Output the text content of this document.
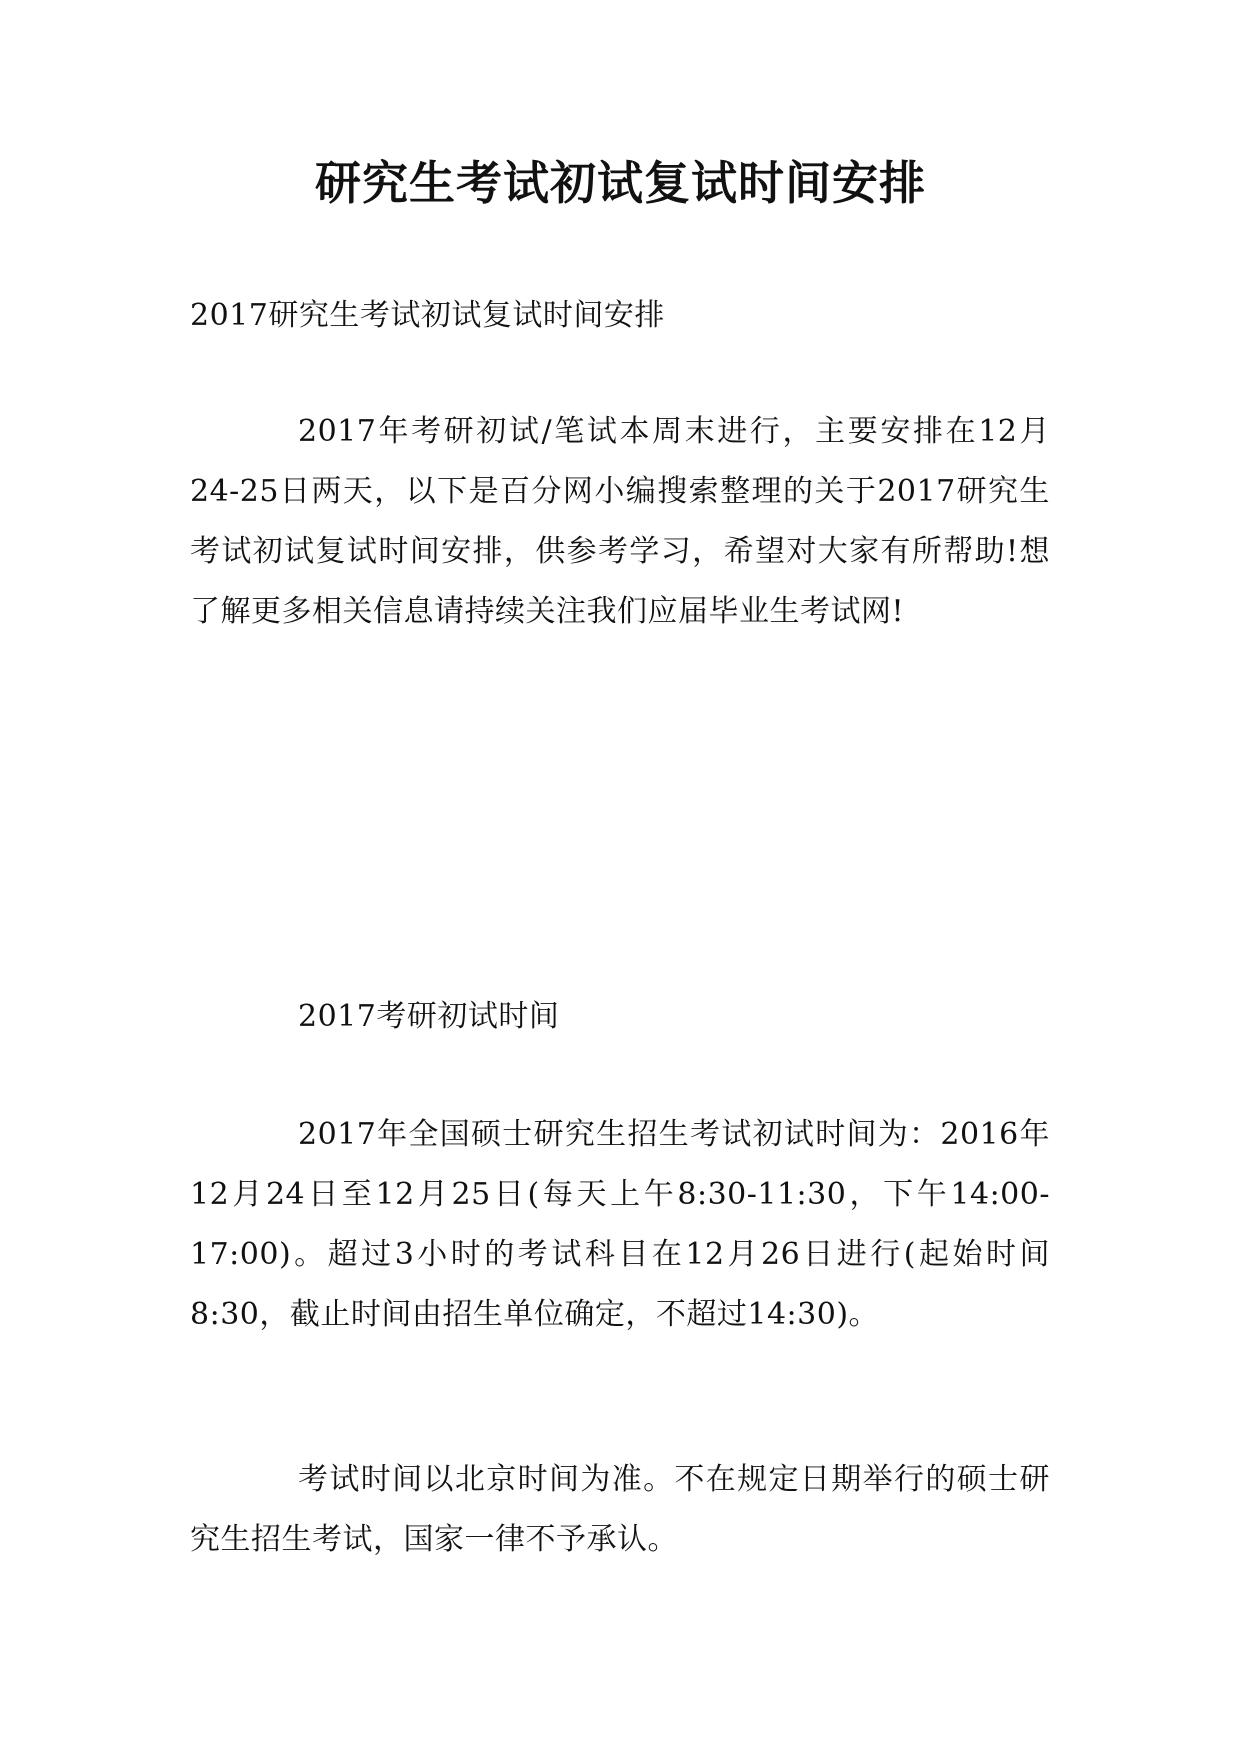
研究生考试初试复试时间安排

2017研究生考试初试复试时间安排

2017年考研初试/笔试本周末进行，主要安排在12月24-25日两天，以下是百分网小编搜索整理的关于2017研究生考试初试复试时间安排，供参考学习，希望对大家有所帮助!想了解更多相关信息请持续关注我们应届毕业生考试网!

2017考研初试时间

2017年全国硕士研究生招生考试初试时间为：2016年12月24日至12月25日(每天上午8:30-11:30，下午14:00-17:00)。超过3小时的考试科目在12月26日进行(起始时间8:30，截止时间由招生单位确定，不超过14:30)。

考试时间以北京时间为准。不在规定日期举行的硕士研究生招生考试，国家一律不予承认。
